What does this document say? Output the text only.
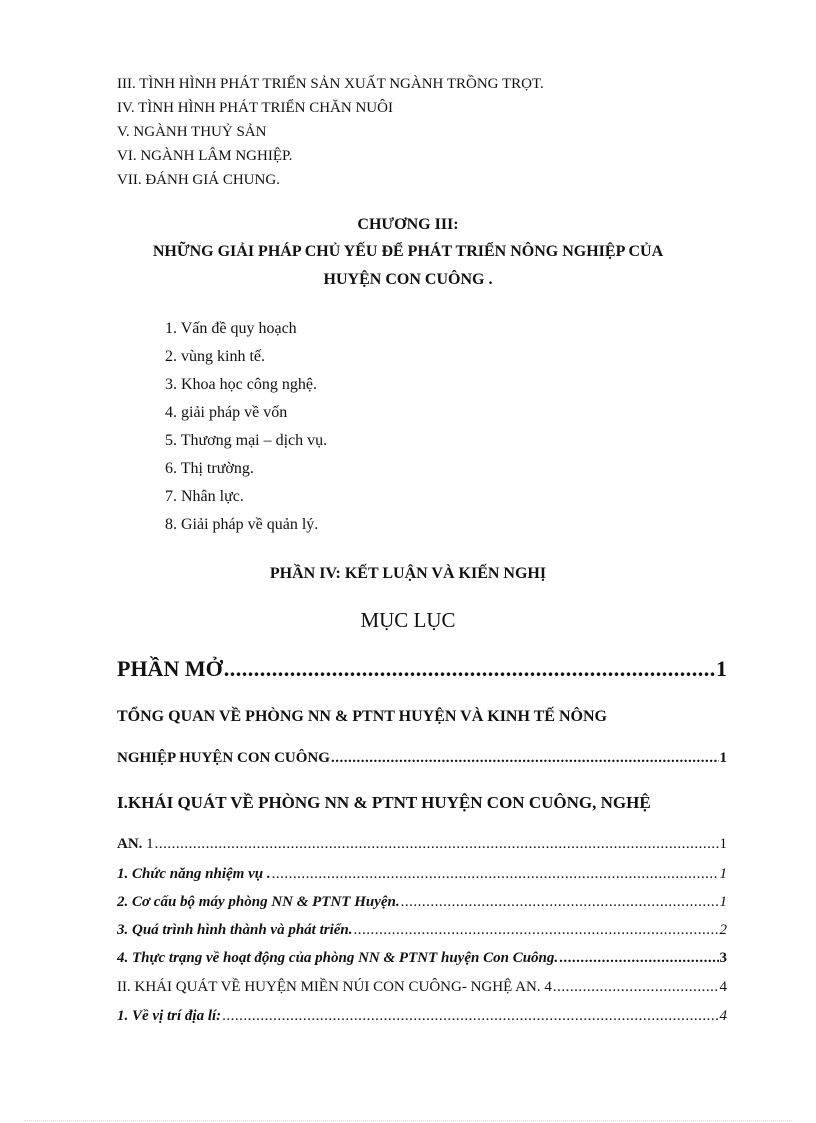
III. TÌNH HÌNH PHÁT TRIỂN SẢN XUẤT NGÀNH TRỒNG TRỌT.
IV. TÌNH HÌNH PHÁT TRIỂN CHĂN NUÔI
V. NGÀNH THUỶ SẢN
VI. NGÀNH LÂM NGHIỆP.
VII. ĐÁNH GIÁ CHUNG.
CHƯƠNG III:
NHỮNG GIẢI PHÁP CHỦ YẾU ĐỂ PHÁT TRIỂN NÔNG NGHIỆP CỦA
HUYỆN CON CUÔNG .
1. Vấn đề quy hoạch
2. vùng kinh tế.
3. Khoa học công nghệ.
4. giải pháp về vốn
5. Thương mại – dịch vụ.
6. Thị trường.
7. Nhân lực.
8. Giải pháp về quản lý.
PHẦN IV: KẾT LUẬN VÀ KIẾN NGHỊ
MỤC LỤC
PHẦN MỞ .....	1
TỔNG QUAN VỀ PHÒNG NN & PTNT HUYỆN VÀ KINH TẾ NÔNG
NGHIỆP HUYỆN CON CUÔNG .....	1
I.KHÁI QUÁT VỀ PHÒNG NN & PTNT HUYỆN CON CUÔNG, NGHỆ
AN. 1 .....	1
1. Chức năng nhiệm vụ . .....	1
2. Cơ cấu bộ máy phòng NN & PTNT Huyện. .....	1
3. Quá trình hình thành và phát triển. .....	2
4. Thực trạng về hoạt động của phòng NN & PTNT huyện Con Cuông. .....	3
II. KHÁI QUÁT VỀ HUYỆN MIỀN NÚI CON CUÔNG- NGHỆ AN. 4 .....	4
1. Về vị trí địa lí: .....	4
